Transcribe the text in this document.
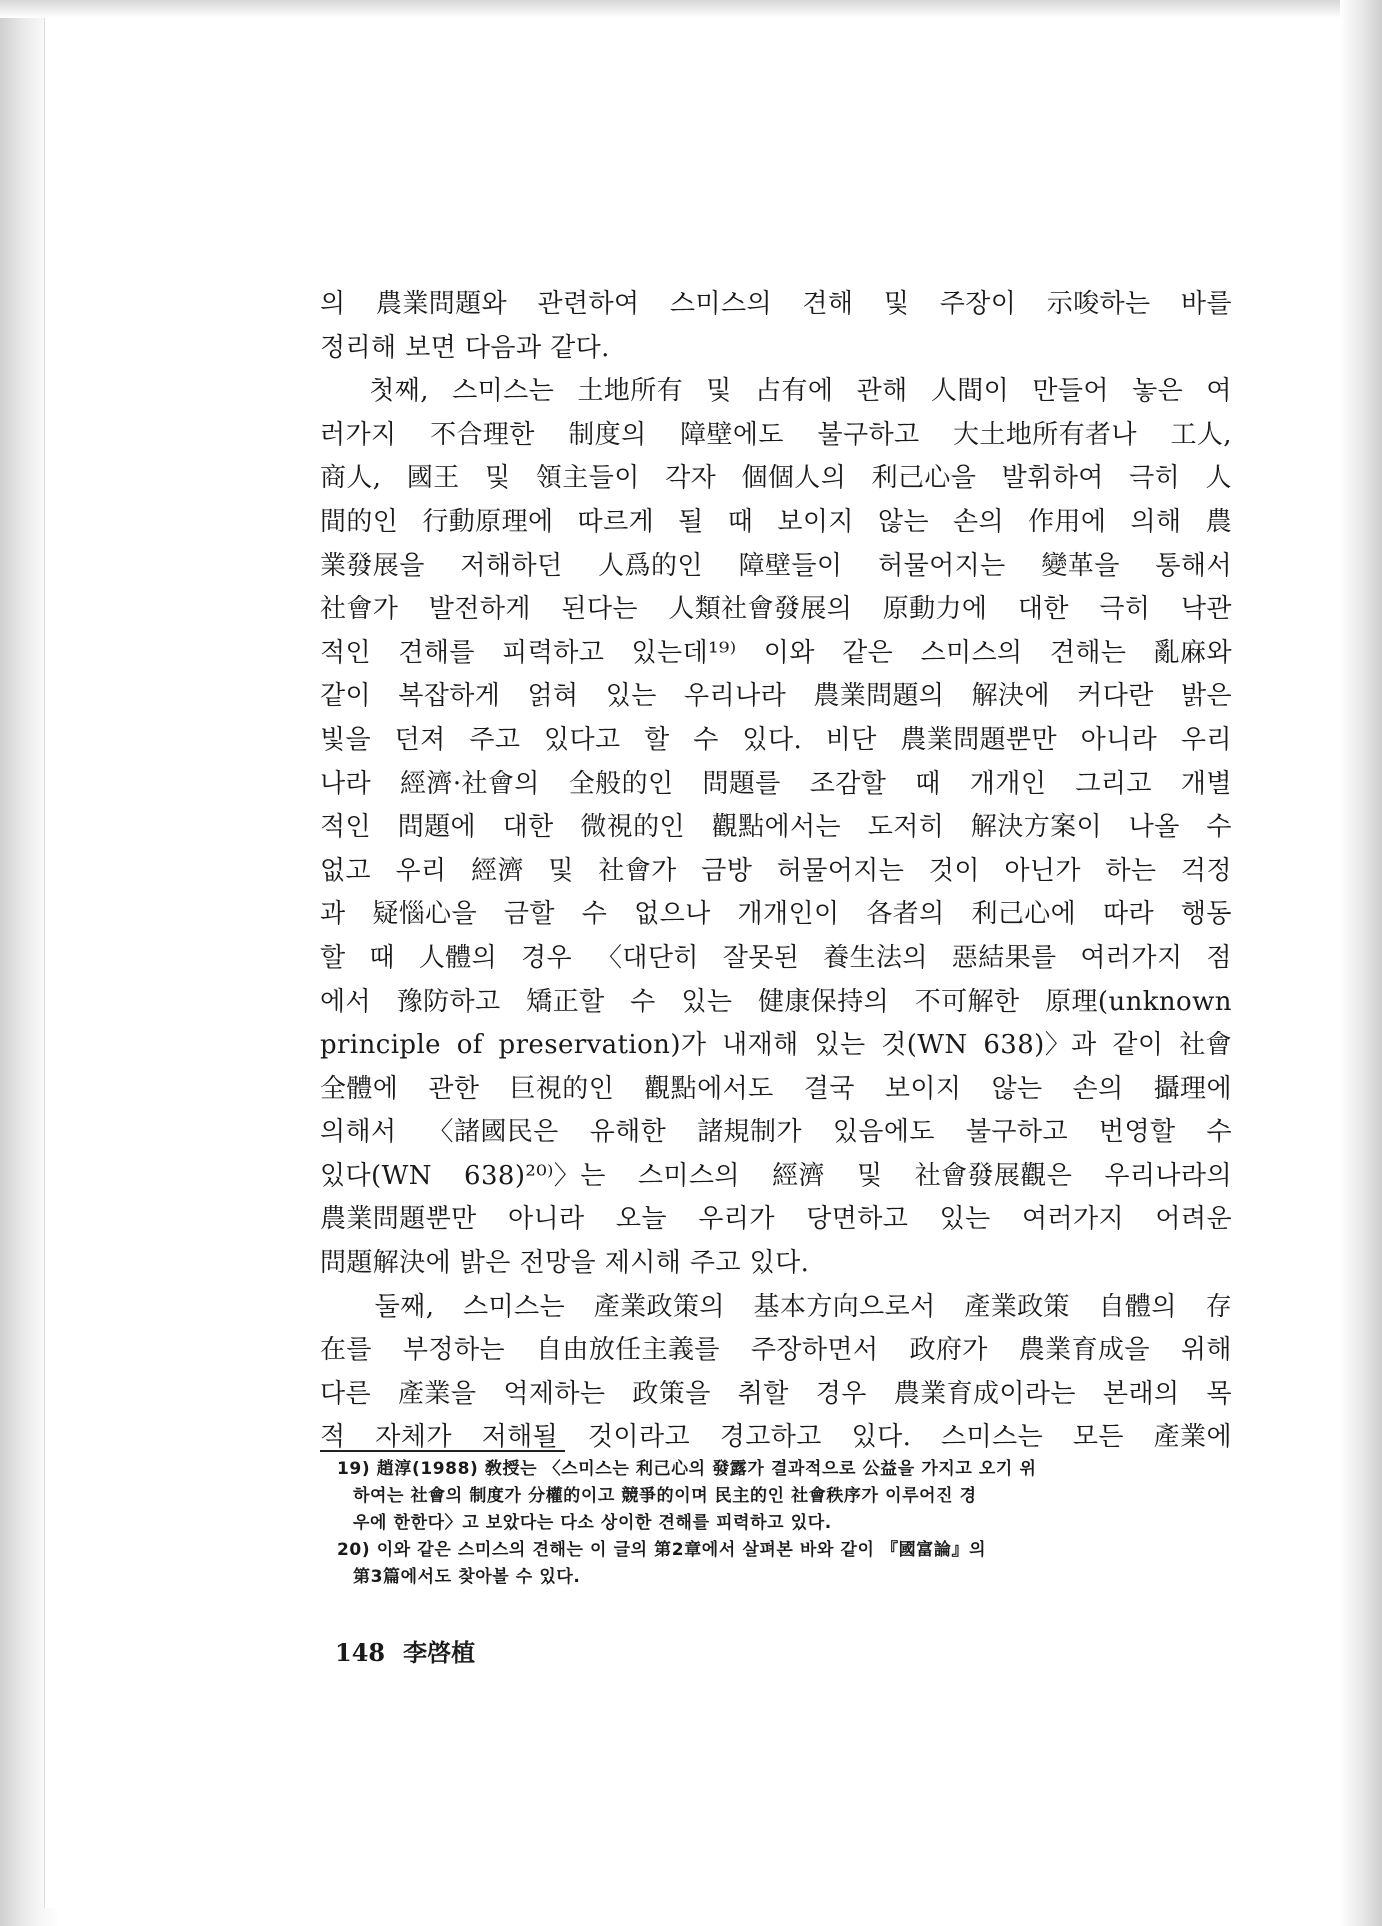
의 農業問題와 관련하여 스미스의 견해 및 주장이 示唆하는 바를
정리해 보면 다음과 같다.
첫째, 스미스는 土地所有 및 占有에 관해 人間이 만들어 놓은 여
러가지 不合理한 制度의 障壁에도 불구하고 大土地所有者나 工人,
商人, 國王 및 領主들이 각자 個個人의 利己心을 발휘하여 극히 人
間的인 行動原理에 따르게 될 때 보이지 않는 손의 作用에 의해 農
業發展을 저해하던 人爲的인 障壁들이 허물어지는 變革을 통해서
社會가 발전하게 된다는 人類社會發展의 原動力에 대한 극히 낙관
적인 견해를 피력하고 있는데¹⁹⁾ 이와 같은 스미스의 견해는 亂麻와
같이 복잡하게 얽혀 있는 우리나라 農業問題의 解決에 커다란 밝은
빛을 던져 주고 있다고 할 수 있다. 비단 農業問題뿐만 아니라 우리
나라 經濟·社會의 全般的인 問題를 조감할 때 개개인 그리고 개별
적인 問題에 대한 微視的인 觀點에서는 도저히 解決方案이 나올 수
없고 우리 經濟 및 社會가 금방 허물어지는 것이 아닌가 하는 걱정
과 疑惱心을 금할 수 없으나 개개인이 各者의 利己心에 따라 행동
할 때 人體의 경우 〈대단히 잘못된 養生法의 惡結果를 여러가지 점
에서 豫防하고 矯正할 수 있는 健康保持의 不可解한 原理(unknown
principle of preservation)가 내재해 있는 것(WN 638)〉과 같이 社會
全體에 관한 巨視的인 觀點에서도 결국 보이지 않는 손의 攝理에
의해서 〈諸國民은 유해한 諸規制가 있음에도 불구하고 번영할 수
있다(WN 638)²⁰⁾〉는 스미스의 經濟 및 社會發展觀은 우리나라의
農業問題뿐만 아니라 오늘 우리가 당면하고 있는 여러가지 어려운
問題解決에 밝은 전망을 제시해 주고 있다.
둘째, 스미스는 產業政策의 基本方向으로서 產業政策 自體의 存
在를 부정하는 自由放任主義를 주장하면서 政府가 農業育成을 위해
다른 產業을 억제하는 政策을 취할 경우 農業育成이라는 본래의 목
적 자체가 저해될 것이라고 경고하고 있다. 스미스는 모든 產業에
19) 趙淳(1988) 敎授는 〈스미스는 利己心의 發露가 결과적으로 公益을 가지고 오기 위
하여는 社會의 制度가 分權的이고 競爭的이며 民主的인 社會秩序가 이루어진 경
우에 한한다〉고 보았다는 다소 상이한 견해를 피력하고 있다.
20) 이와 같은 스미스의 견해는 이 글의 第2章에서 살펴본 바와 같이 『國富論』의
第3篇에서도 찾아볼 수 있다.
148 李啓植
